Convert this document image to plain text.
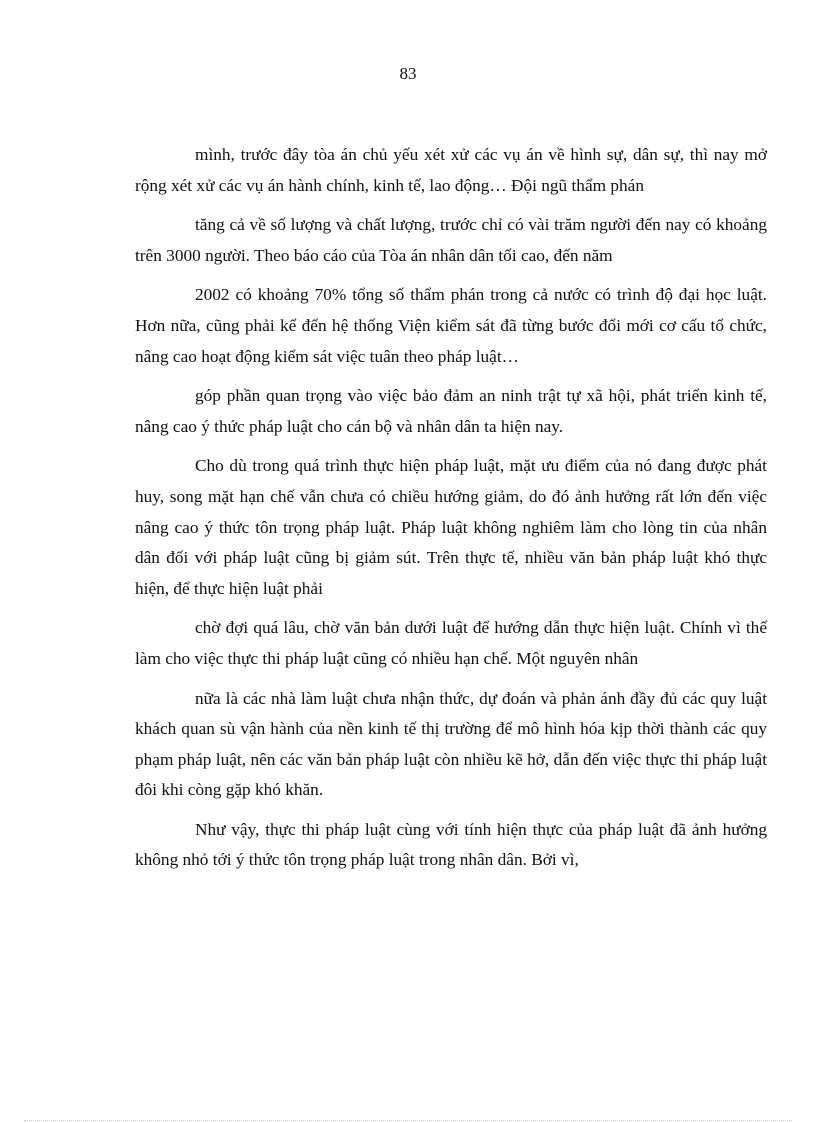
83

mình, trước đây tòa án chủ yếu xét xử các vụ án về hình sự, dân sự, thì nay mở rộng xét xử các vụ án hành chính, kinh tế, lao động… Đội ngũ thẩm phán

tăng cả về số lượng và chất lượng, trước chỉ có vài trăm người đến nay có khoảng trên 3000 người. Theo báo cáo của Tòa án nhân dân tối cao, đến năm

2002 có khoảng 70% tổng số thẩm phán trong cả nước có trình độ đại học luật. Hơn nữa, cũng phải kể đến hệ thống Viện kiểm sát đã từng bước đổi mới cơ cấu tổ chức, nâng cao hoạt động kiểm sát việc tuân theo pháp luật…

góp phần quan trọng vào việc bảo đảm an ninh trật tự xã hội, phát triển kinh tế, nâng cao ý thức pháp luật cho cán bộ và nhân dân ta hiện nay.

Cho dù trong quá trình thực hiện pháp luật, mặt ưu điểm của nó đang được phát huy, song mặt hạn chế vẫn chưa có chiều hướng giảm, do đó ảnh hưởng rất lớn đến việc nâng cao ý thức tôn trọng pháp luật. Pháp luật không nghiêm làm cho lòng tin của nhân dân đối với pháp luật cũng bị giảm sút. Trên thực tế, nhiều văn bản pháp luật khó thực hiện, để thực hiện luật phải

chờ đợi quá lâu, chờ văn bản dưới luật để hướng dẫn thực hiện luật. Chính vì thế làm cho việc thực thi pháp luật cũng có nhiều hạn chế. Một nguyên nhân

nữa là các nhà làm luật chưa nhận thức, dự đoán và phản ánh đầy đủ các quy luật khách quan sù vận hành của nền kinh tế thị trường để mô hình hóa kịp thời thành các quy phạm pháp luật, nên các văn bản pháp luật còn nhiều kẽ hở, dẫn đến việc thực thi pháp luật đôi khi còng gặp khó khăn.

Như vậy, thực thi pháp luật cùng với tính hiện thực của pháp luật đã ảnh hưởng không nhỏ tới ý thức tôn trọng pháp luật trong nhân dân. Bởi vì,
